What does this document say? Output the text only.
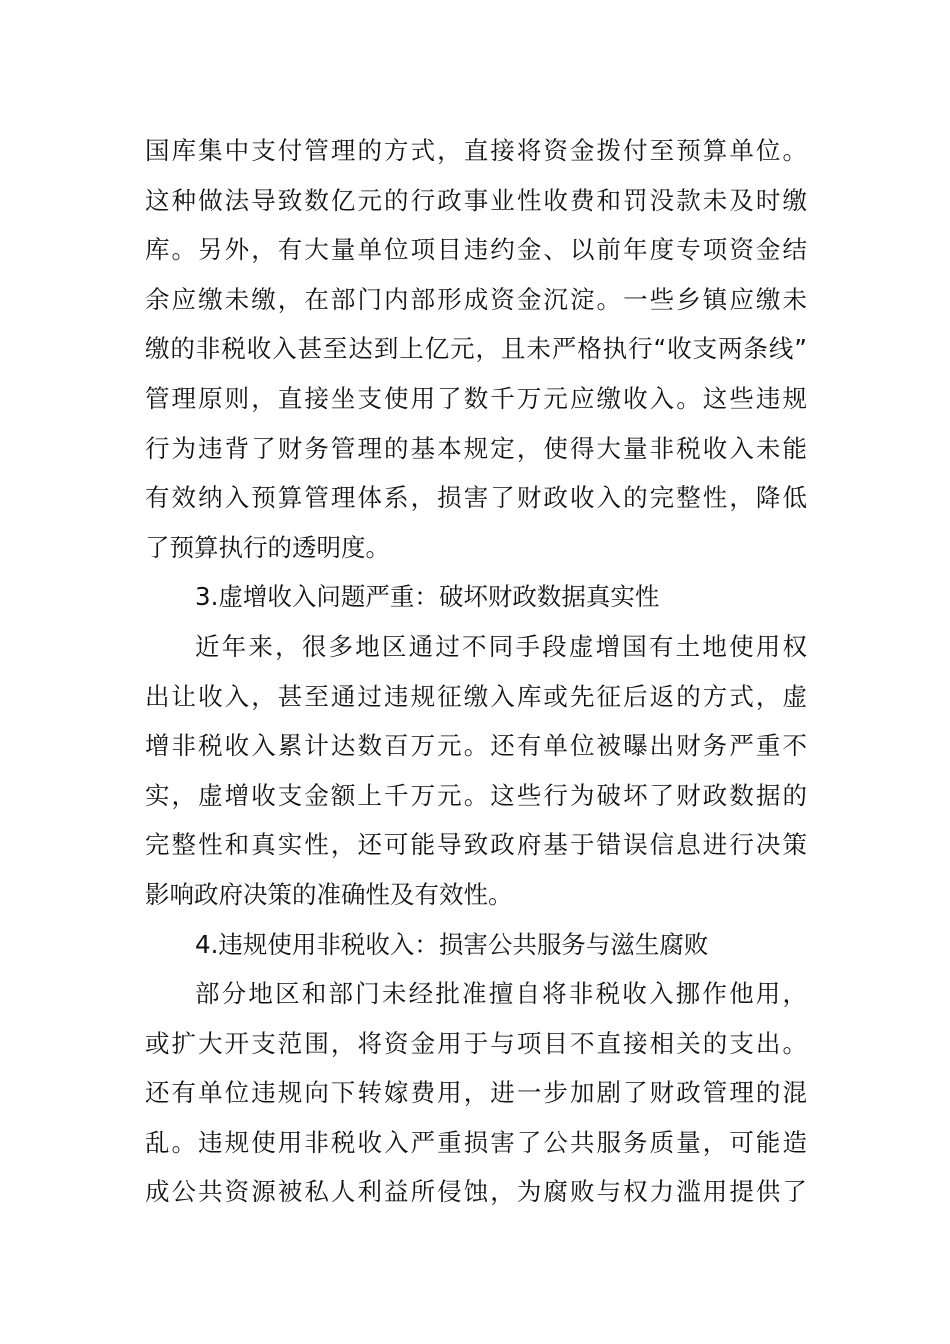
国库集中支付管理的方式，直接将资金拨付至预算单位。
这种做法导致数亿元的行政事业性收费和罚没款未及时缴
库。另外，有大量单位项目违约金、以前年度专项资金结
余应缴未缴，在部门内部形成资金沉淀。一些乡镇应缴未
缴的非税收入甚至达到上亿元，且未严格执行“收支两条线”
管理原则，直接坐支使用了数千万元应缴收入。这些违规
行为违背了财务管理的基本规定，使得大量非税收入未能
有效纳入预算管理体系，损害了财政收入的完整性，降低
了预算执行的透明度。
3.虚增收入问题严重：破坏财政数据真实性
近年来，很多地区通过不同手段虚增国有土地使用权
出让收入，甚至通过违规征缴入库或先征后返的方式，虚
增非税收入累计达数百万元。还有单位被曝出财务严重不
实，虚增收支金额上千万元。这些行为破坏了财政数据的
完整性和真实性，还可能导致政府基于错误信息进行决策
影响政府决策的准确性及有效性。
4.违规使用非税收入：损害公共服务与滋生腐败
部分地区和部门未经批准擅自将非税收入挪作他用，
或扩大开支范围，将资金用于与项目不直接相关的支出。
还有单位违规向下转嫁费用，进一步加剧了财政管理的混
乱。违规使用非税收入严重损害了公共服务质量，可能造
成公共资源被私人利益所侵蚀，为腐败与权力滥用提供了
